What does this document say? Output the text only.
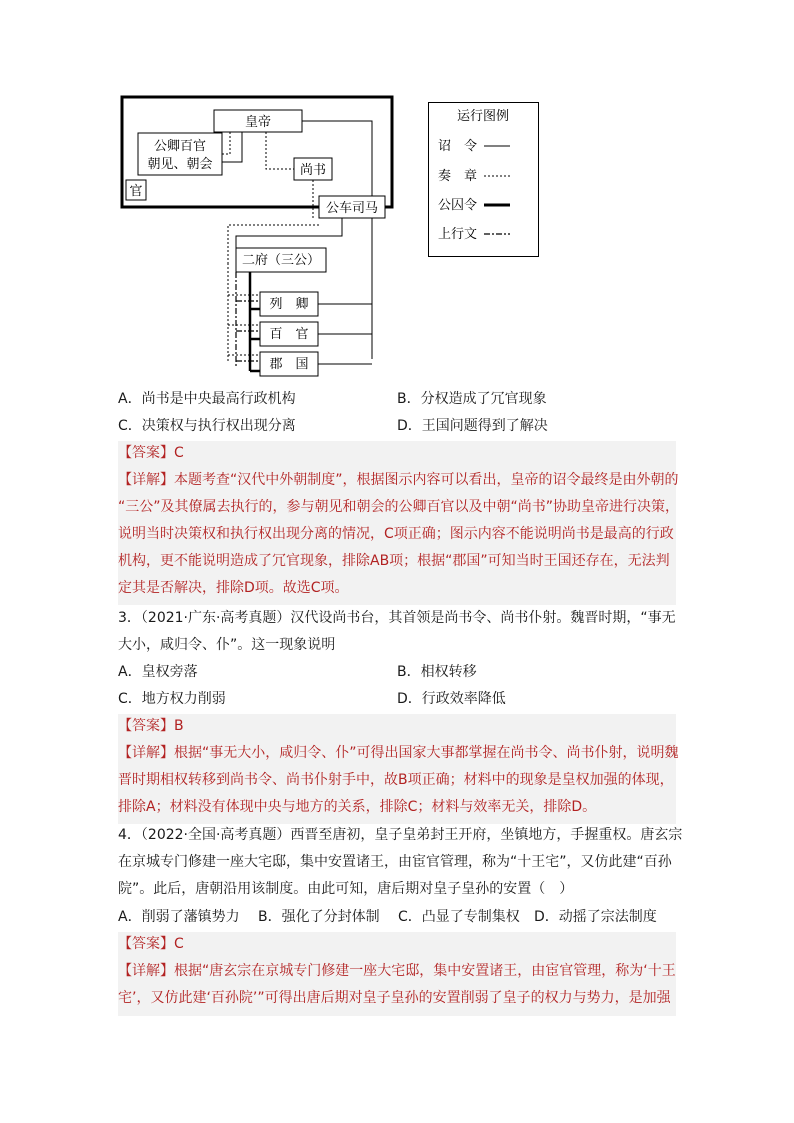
皇帝
公卿百官
朝见、朝会
官
尚书
公车司马
二府（三公）
列　卿
百　官
郡　国
运行图例
诏　令
奏　章
公囚令
上行文
A．尚书是中央最高行政机构	B．分权造成了冗官现象
C．决策权与执行权出现分离	D．王国问题得到了解决
【答案】C
【详解】本题考查“汉代中外朝制度”，根据图示内容可以看出，皇帝的诏令最终是由外朝的
“三公”及其僚属去执行的，参与朝见和朝会的公卿百官以及中朝“尚书”协助皇帝进行决策，
说明当时决策权和执行权出现分离的情况，C项正确；图示内容不能说明尚书是最高的行政
机构，更不能说明造成了冗官现象，排除AB项；根据“郡国”可知当时王国还存在，无法判
定其是否解决，排除D项。故选C项。
3．（2021·广东·高考真题）汉代设尚书台，其首领是尚书令、尚书仆射。魏晋时期，“事无
大小，咸归令、仆”。这一现象说明
A．皇权旁落	B．相权转移
C．地方权力削弱	D．行政效率降低
【答案】B
【详解】根据“事无大小，咸归令、仆”可得出国家大事都掌握在尚书令、尚书仆射，说明魏
晋时期相权转移到尚书令、尚书仆射手中，故B项正确；材料中的现象是皇权加强的体现，
排除A；材料没有体现中央与地方的关系，排除C；材料与效率无关，排除D。
4．（2022·全国·高考真题）西晋至唐初，皇子皇弟封王开府，坐镇地方，手握重权。唐玄宗
在京城专门修建一座大宅邸，集中安置诸王，由宦官管理，称为“十王宅”，又仿此建“百孙
院”。此后，唐朝沿用该制度。由此可知，唐后期对皇子皇孙的安置（　）
A．削弱了藩镇势力 B．强化了分封体制 C．凸显了专制集权 D．动摇了宗法制度
【答案】C
【详解】根据“唐玄宗在京城专门修建一座大宅邸，集中安置诸王，由宦官管理，称为‘十王
宅’，又仿此建‘百孙院’”可得出唐后期对皇子皇孙的安置削弱了皇子的权力与势力，是加强
